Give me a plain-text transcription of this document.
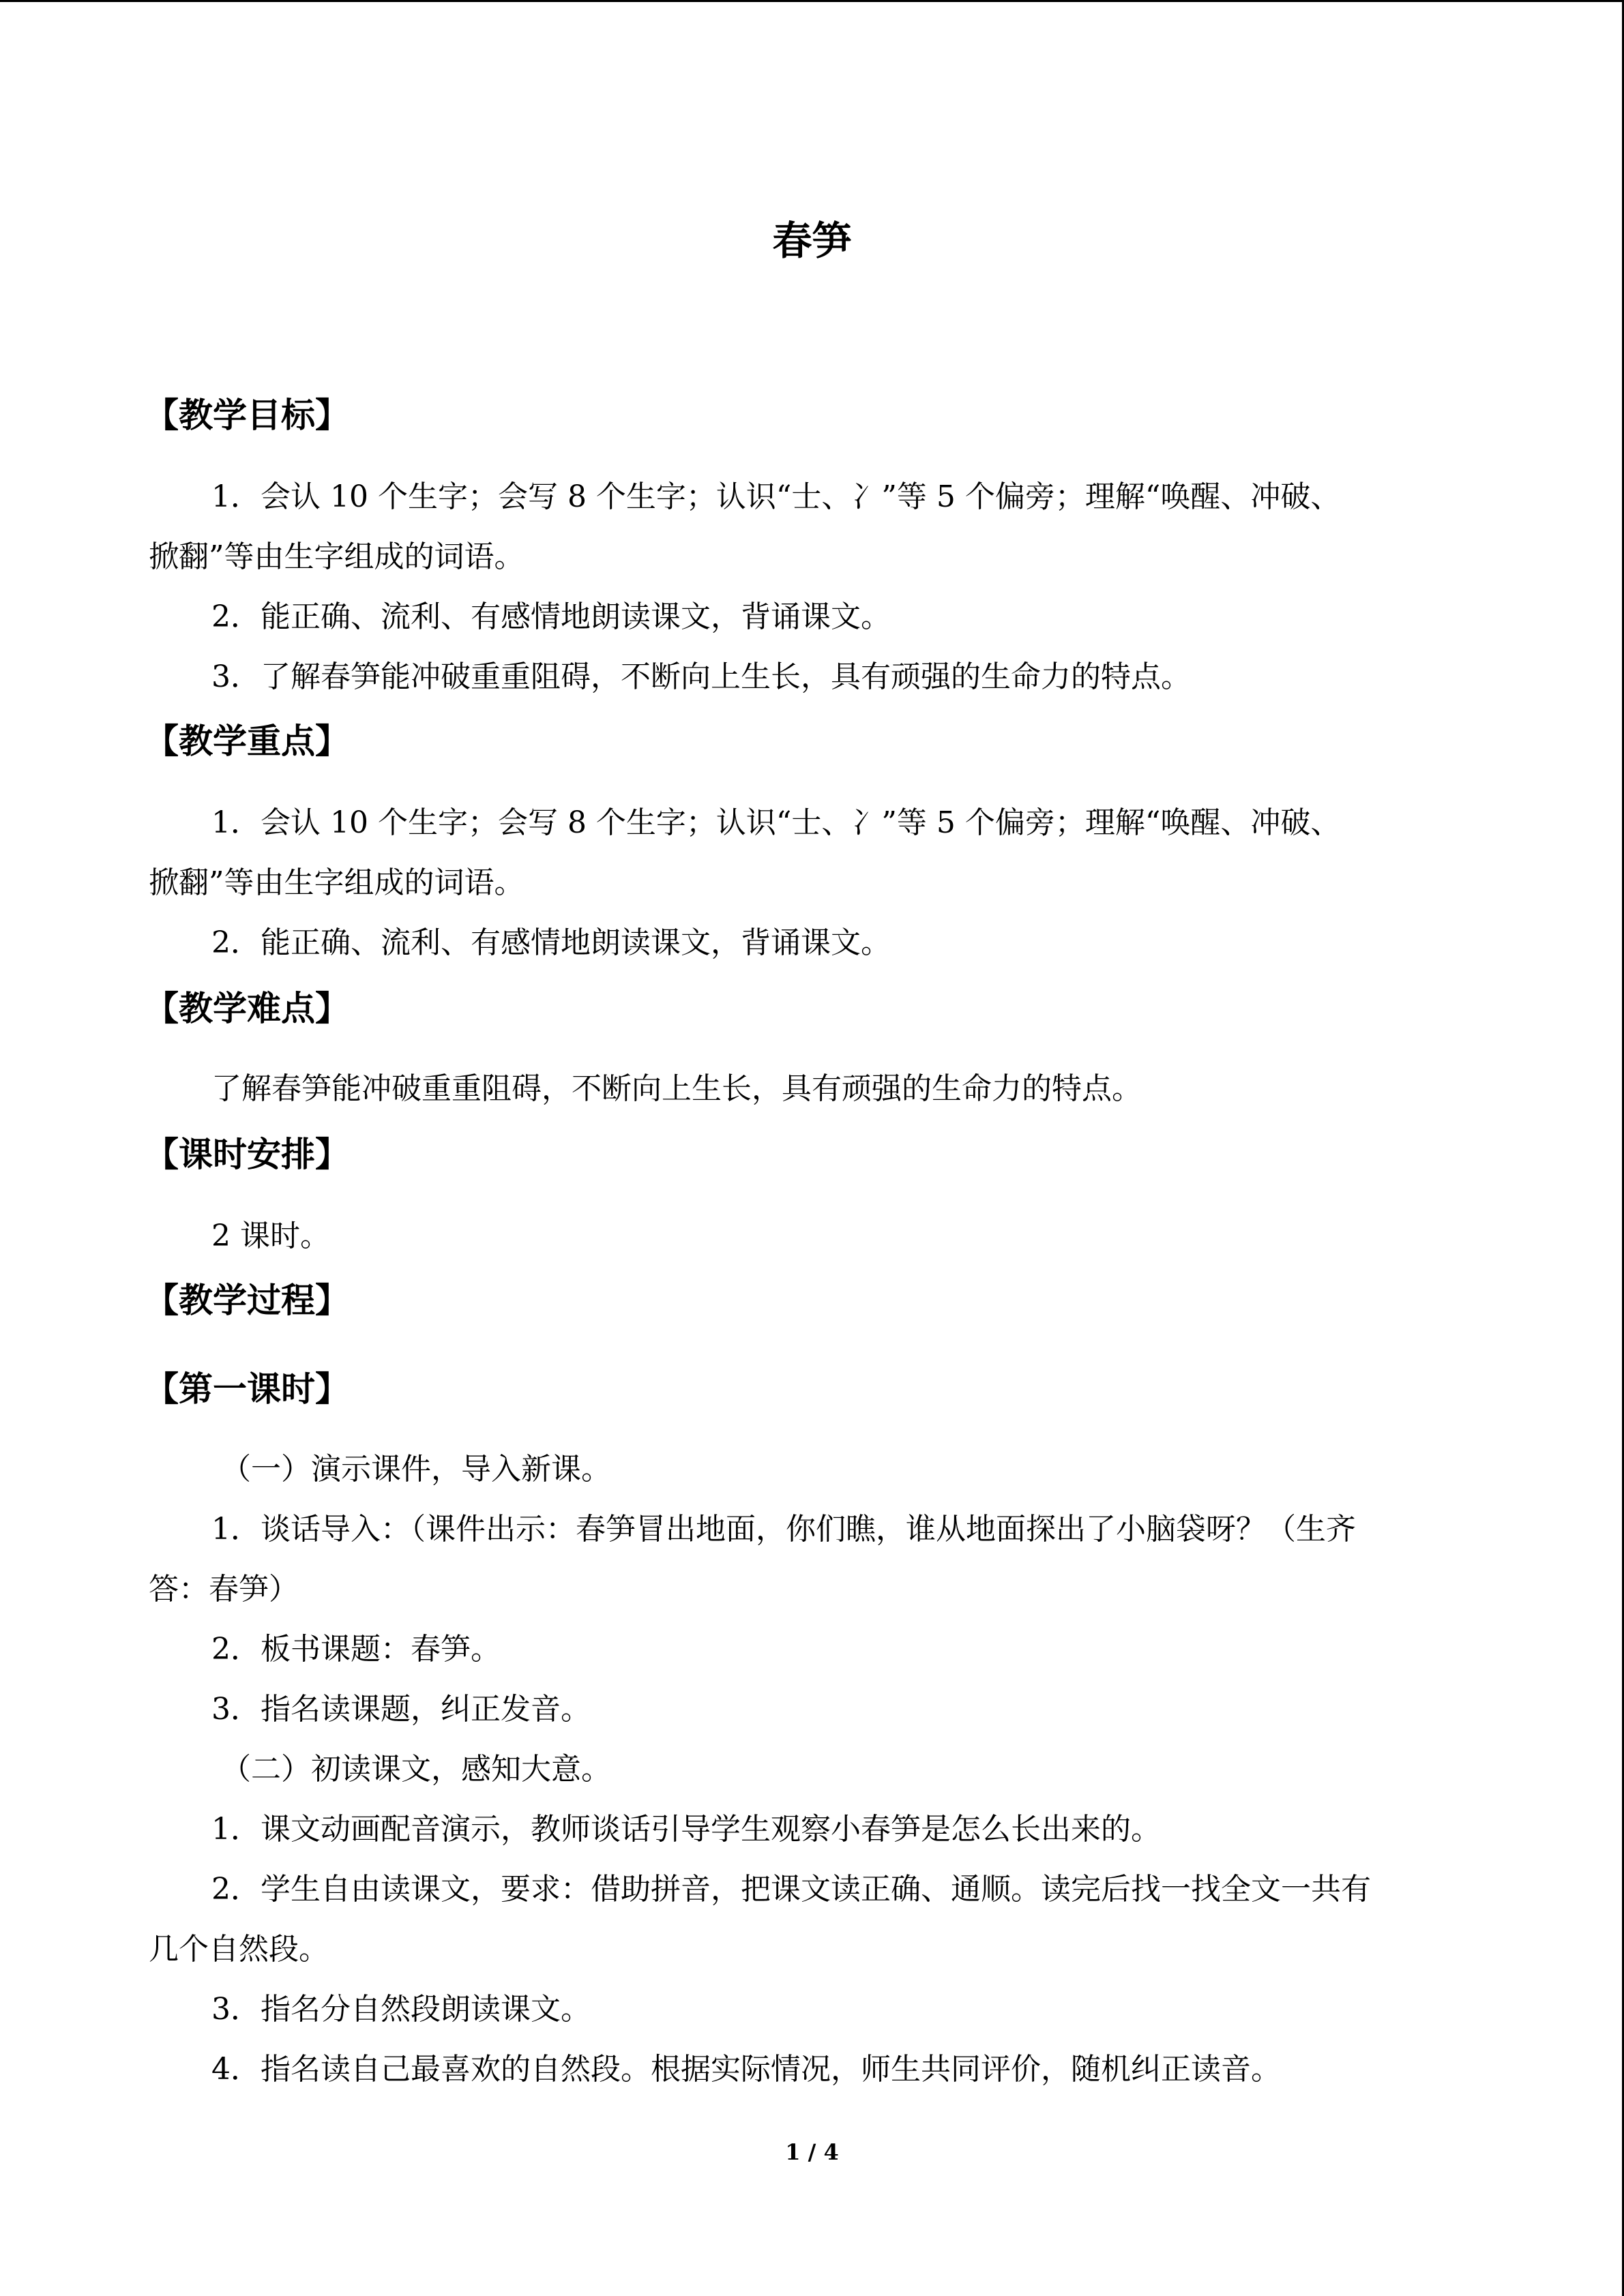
春笋
【教学目标】
1．会认 10 个生字；会写 8 个生字；认识“士、冫”等 5 个偏旁；理解“唤醒、冲破、
掀翻”等由生字组成的词语。
2．能正确、流利、有感情地朗读课文，背诵课文。
3．了解春笋能冲破重重阻碍，不断向上生长，具有顽强的生命力的特点。
【教学重点】
1．会认 10 个生字；会写 8 个生字；认识“士、冫”等 5 个偏旁；理解“唤醒、冲破、
掀翻”等由生字组成的词语。
2．能正确、流利、有感情地朗读课文，背诵课文。
【教学难点】
了解春笋能冲破重重阻碍，不断向上生长，具有顽强的生命力的特点。
【课时安排】
2 课时。
【教学过程】
【第一课时】
（一）演示课件，导入新课。
1．谈话导入：（课件出示：春笋冒出地面，你们瞧，谁从地面探出了小脑袋呀？（生齐
答：春笋）
2．板书课题：春笋。
3．指名读课题，纠正发音。
（二）初读课文，感知大意。
1．课文动画配音演示，教师谈话引导学生观察小春笋是怎么长出来的。
2．学生自由读课文，要求：借助拼音，把课文读正确、通顺。读完后找一找全文一共有
几个自然段。
3．指名分自然段朗读课文。
4．指名读自己最喜欢的自然段。根据实际情况，师生共同评价，随机纠正读音。
1 / 4
